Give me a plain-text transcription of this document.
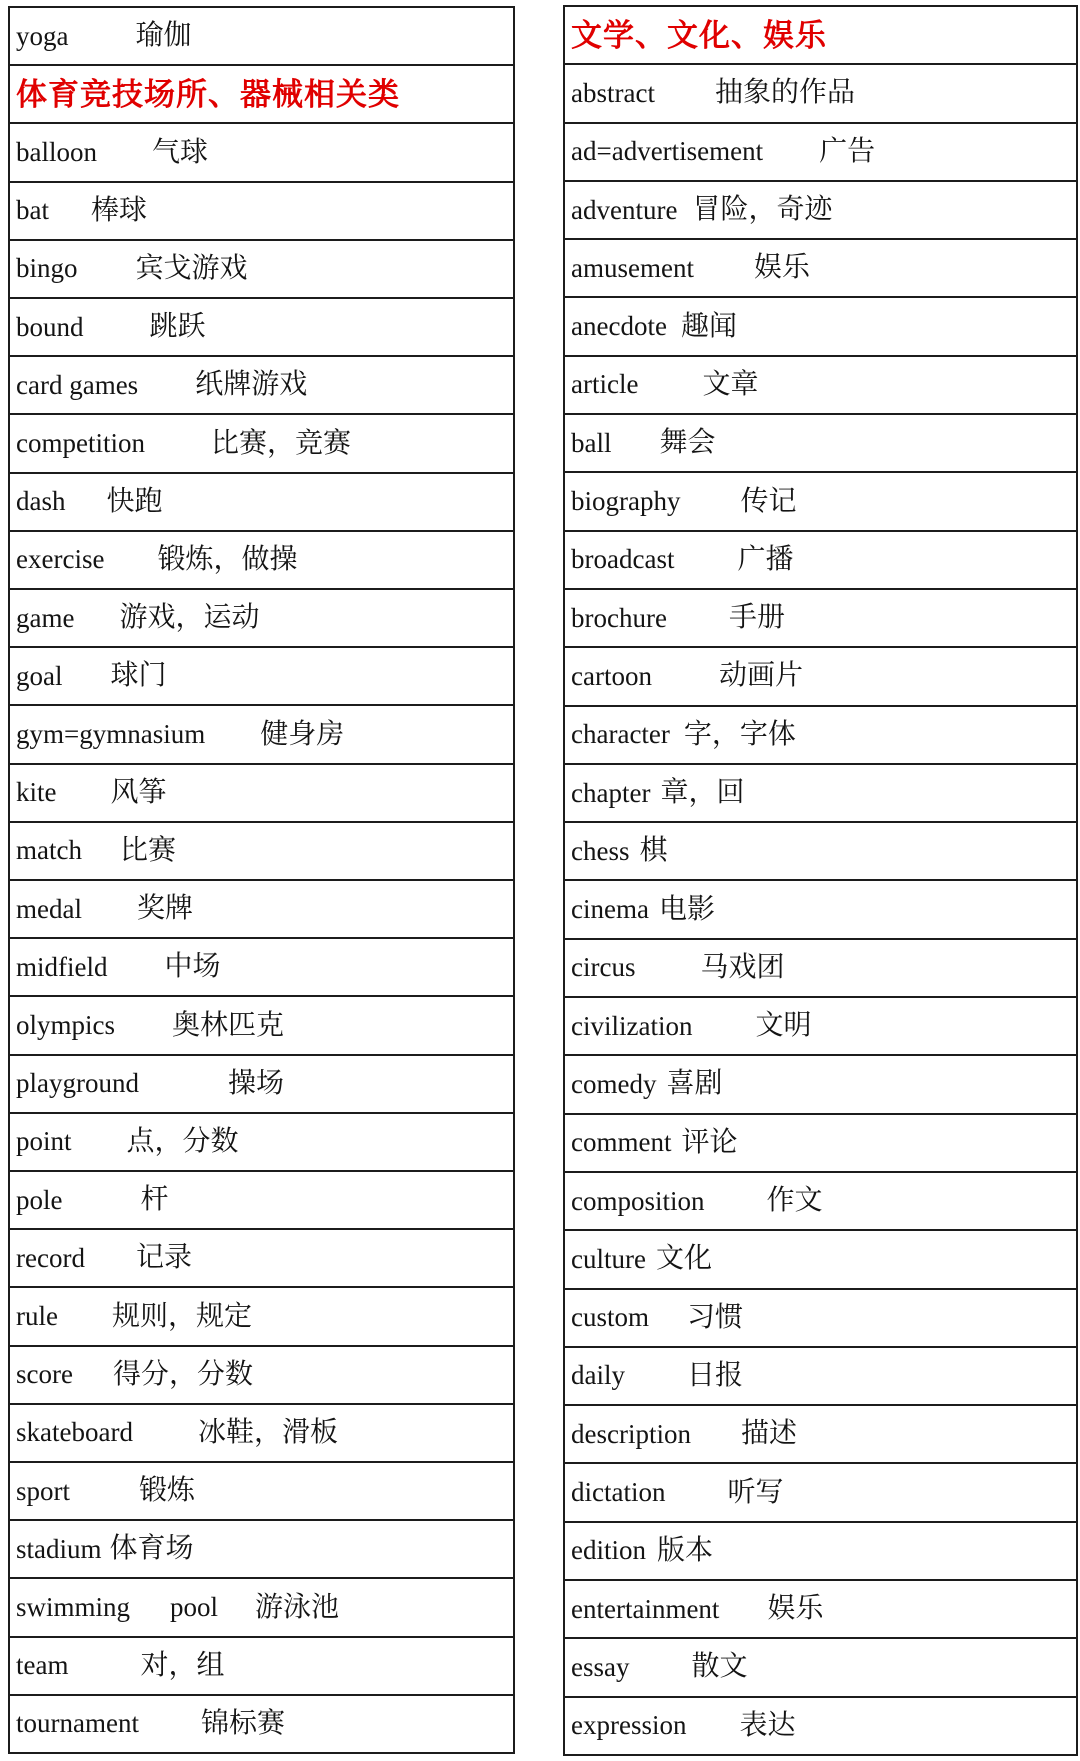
yoga 瑜伽
体育竞技场所、器械相关类
balloon 气球
bat 棒球
bingo 宾戈游戏
bound 跳跃
card games 纸牌游戏
competition 比赛，竞赛
dash 快跑
exercise 锻炼，做操
game 游戏，运动
goal 球门
gym=gymnasium 健身房
kite 风筝
match 比赛
medal 奖牌
midfield 中场
olympics 奥林匹克
playground	操场
point 点，分数
pole	杆
record 记录
rule 规则，规定
score 得分，分数
skateboard 冰鞋，滑板
sport 锻炼
stadium 体育场
swimming pool 游泳池
team	对，组
tournament 锦标赛
文学、文化、娱乐
abstract 抽象的作品
ad=advertisement 广告
adventure 冒险，奇迹
amusement 娱乐
anecdote 趣闻
article 文章
ball 舞会
biography 传记
broadcast 广播
brochure 手册
cartoon 动画片
character 字，字体
chapter 章，回
chess 棋
cinema 电影
circus 马戏团
civilization 文明
comedy 喜剧
comment 评论
composition 作文
culture 文化
custom 习惯
daily 日报
description 描述
dictation 听写
edition 版本
entertainment 娱乐
essay 散文
expression 表达
